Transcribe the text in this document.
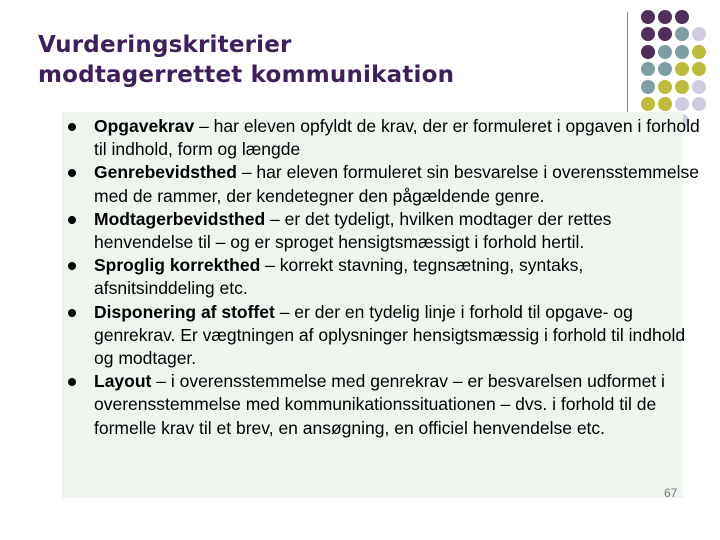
Vurderingskriterier
modtagerrettet kommunikation
Opgavekrav – har eleven opfyldt de krav, der er formuleret i opgaven i forhold til indhold, form og længde
Genrebevidsthed – har eleven formuleret sin besvarelse i overensstemmelse med de rammer, der kendetegner den pågældende genre.
Modtagerbevidsthed – er det tydeligt, hvilken modtager der rettes henvendelse til – og er sproget hensigtsmæssigt i forhold hertil.
Sproglig korrekthed – korrekt stavning, tegnsætning, syntaks, afsnitsinddeling etc.
Disponering af stoffet – er der en tydelig linje i forhold til opgave- og genrekrav. Er vægtningen af oplysninger hensigtsmæssig i forhold til indhold og modtager.
Layout – i overensstemmelse med genrekrav – er besvarelsen udformet i overensstemmelse med kommunikationssituationen – dvs. i forhold til de formelle krav til et brev, en ansøgning, en officiel henvendelse etc.
67
